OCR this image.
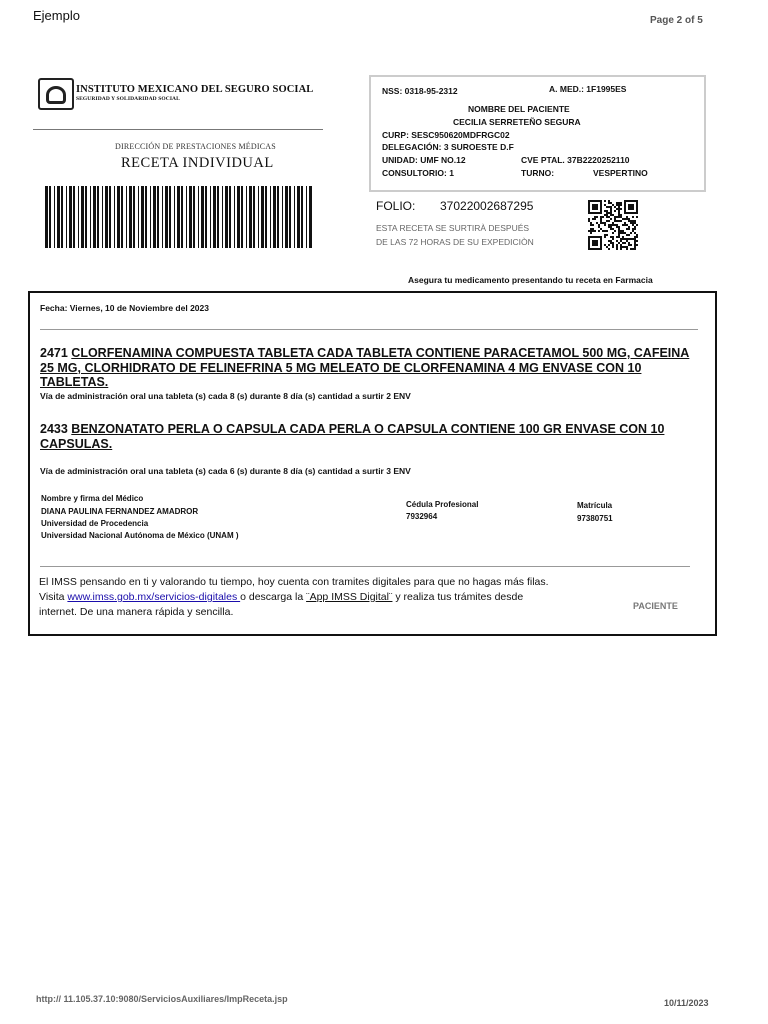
Ejemplo	Page 2 of 5
INSTITUTO MEXICANO DEL SEGURO SOCIAL
SEGURIDAD Y SOLIDARIDAD SOCIAL
DIRECCIÓN DE PRESTACIONES MÉDICAS
RECETA INDIVIDUAL
NSS: 0318-95-2312	A. MED.: 1F1995ES
NOMBRE DEL PACIENTE
CECILIA SERRETEÑO SEGURA
CURP: SESC950620MDFRGC02
DELEGACIÓN: 3 SUROESTE D.F
UNIDAD: UMF NO.12	CVE PTAL. 37B2220252110
CONSULTORIO: 1	TURNO:	VESPERTINO
FOLIO: 37022002687295
ESTA RECETA SE SURTIRÀ DESPUÉS
DE LAS 72 HORAS DE SU EXPEDICIÒN
Asegura tu medicamento presentando tu receta en Farmacia
Fecha: Viernes, 10 de Noviembre del 2023
2471 CLORFENAMINA COMPUESTA TABLETA CADA TABLETA CONTIENE PARACETAMOL 500 MG, CAFEINA
25 MG, CLORHIDRATO DE FELINEFRINA 5 MG MELEATO DE CLORFENAMINA 4 MG ENVASE CON 10
TABLETAS.
Vía de administración oral una tableta (s) cada 8 (s) durante 8 día (s) cantidad a surtir 2 ENV
2433 BENZONATATO PERLA O CAPSULA CADA PERLA O CAPSULA CONTIENE 100 GR ENVASE CON 10
CAPSULAS.
Vía de administración oral una tableta (s) cada 6 (s) durante 8 día (s) cantidad a surtir 3 ENV
Nombre y firma del Médico
DIANA PAULINA FERNANDEZ AMADROR
Universidad de Procedencia
Universidad Nacional Autónoma de México (UNAM )
Cédula Profesional
7932964
Matrícula
97380751
El IMSS pensando en ti y valorando tu tiempo, hoy cuenta con tramites digitales para que no hagas más filas.
Visita www.imss.gob.mx/servicios-digitales o descarga la ¨App IMSS Digital¨ y realiza tus trámites desde
internet. De una manera rápida y sencilla.	PACIENTE
http:// 11.105.37.10:9080/ServiciosAuxiliares/ImpReceta.jsp	10/11/2023
